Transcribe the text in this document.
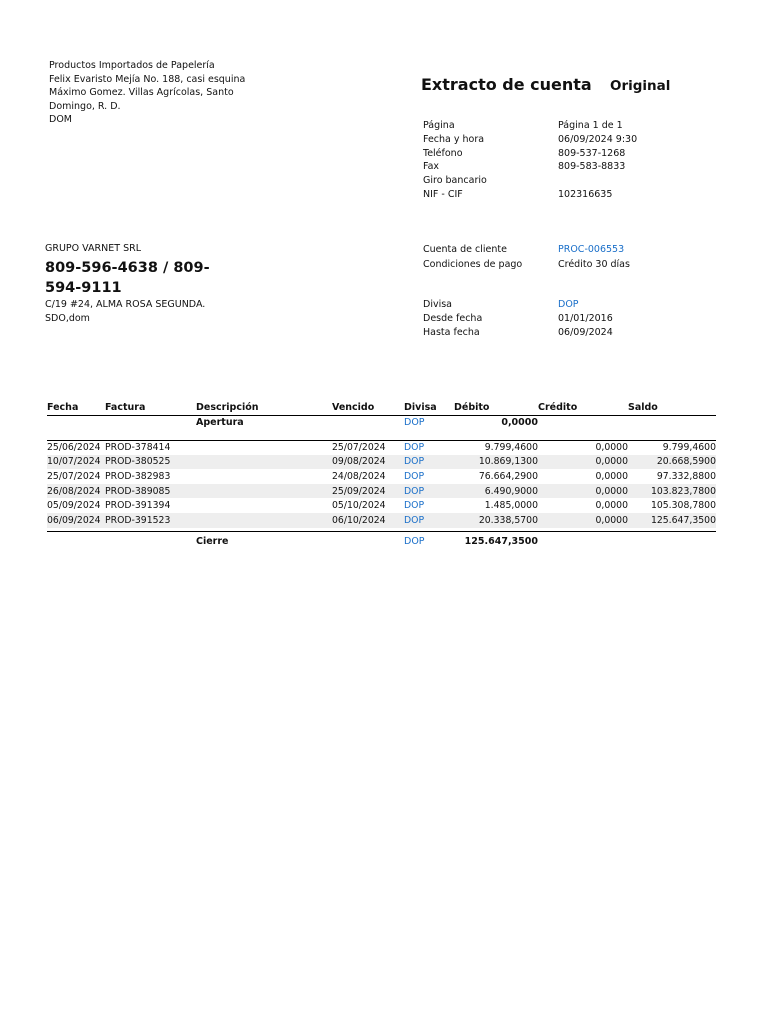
Productos Importados de Papelería
Felix Evaristo Mejía No. 188, casi esquina
Máximo Gomez. Villas Agrícolas, Santo
Domingo, R. D.
DOM
Extracto de cuenta Original
Página	Página 1 de 1
Fecha y hora	06/09/2024 9:30
Teléfono	809-537-1268
Fax	809-583-8833
Giro bancario
NIF - CIF	102316635
GRUPO VARNET SRL
809-596-4638 / 809-594-9111
C/19 #24, ALMA ROSA SEGUNDA.
SDO,dom
Cuenta de cliente	PROC-006553
Condiciones de pago	Crédito 30 días
Divisa	DOP
Desde fecha	01/01/2016
Hasta fecha	06/09/2024
Fecha	Factura	Descripción	Vencido	Divisa	Débito	Crédito	Saldo
		Apertura		DOP	0,0000		

25/06/2024	PROD-378414		25/07/2024	DOP	9.799,4600	0,0000	9.799,4600
10/07/2024	PROD-380525		09/08/2024	DOP	10.869,1300	0,0000	20.668,5900
25/07/2024	PROD-382983		24/08/2024	DOP	76.664,2900	0,0000	97.332,8800
26/08/2024	PROD-389085		25/09/2024	DOP	6.490,9000	0,0000	103.823,7800
05/09/2024	PROD-391394		05/10/2024	DOP	1.485,0000	0,0000	105.308,7800
06/09/2024	PROD-391523		06/10/2024	DOP	20.338,5700	0,0000	125.647,3500

		Cierre		DOP	125.647,3500		
